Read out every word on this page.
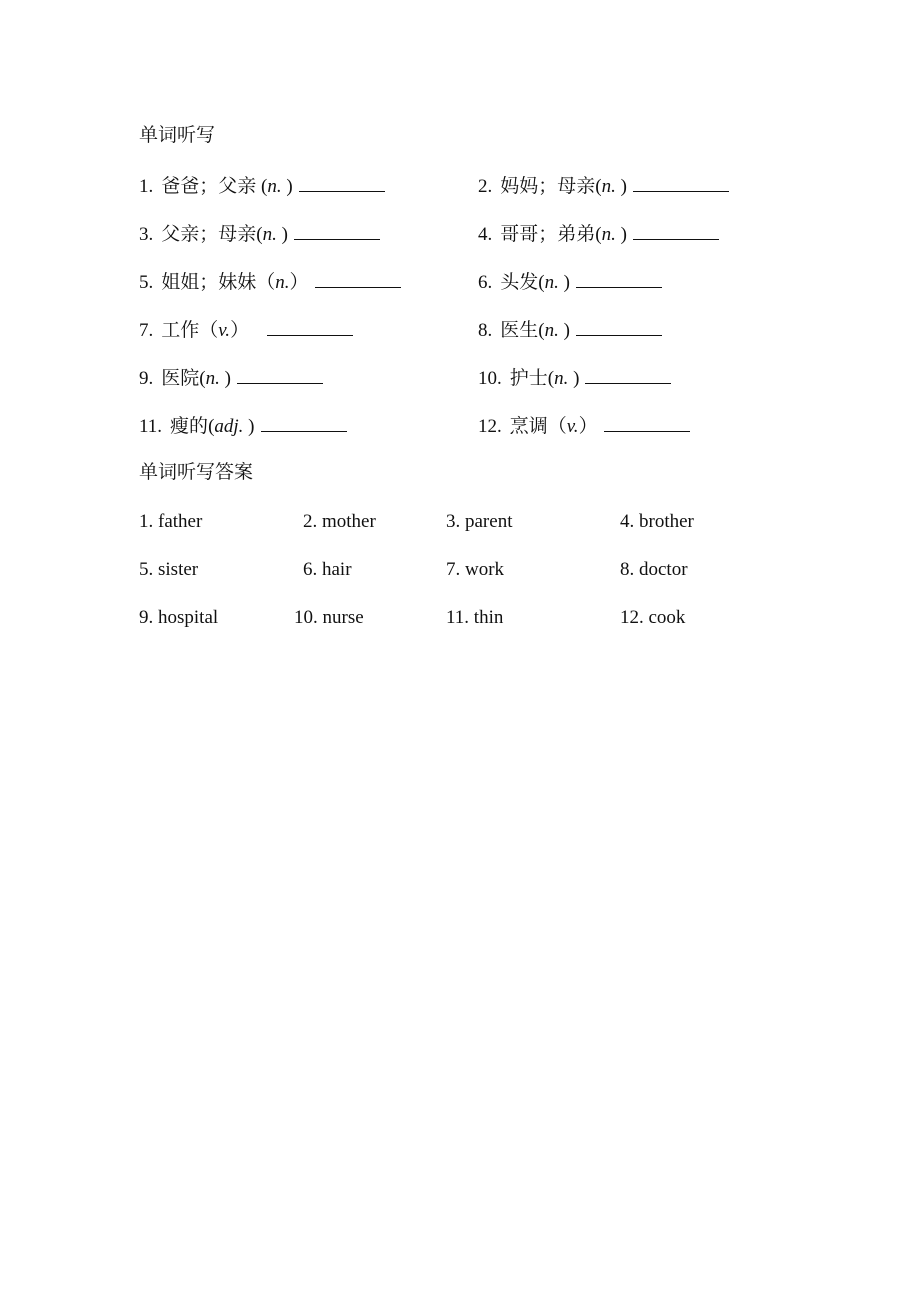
单词听写
1. 爸爸；父亲 (n. )	2. 妈妈；母亲(n. )
3. 父亲；母亲(n. )	4. 哥哥；弟弟(n. )
5. 姐姐；妹妹（n.）	6. 头发(n. )
7. 工作（v.）	8. 医生(n. )
9. 医院(n. )	10. 护士(n. )
11. 瘦的(adj. )	12. 烹调（v.）
单词听写答案
1. father	2. mother	3. parent	4. brother
5. sister	6. hair	7. work	8. doctor
9. hospital	10. nurse	11. thin	12. cook
